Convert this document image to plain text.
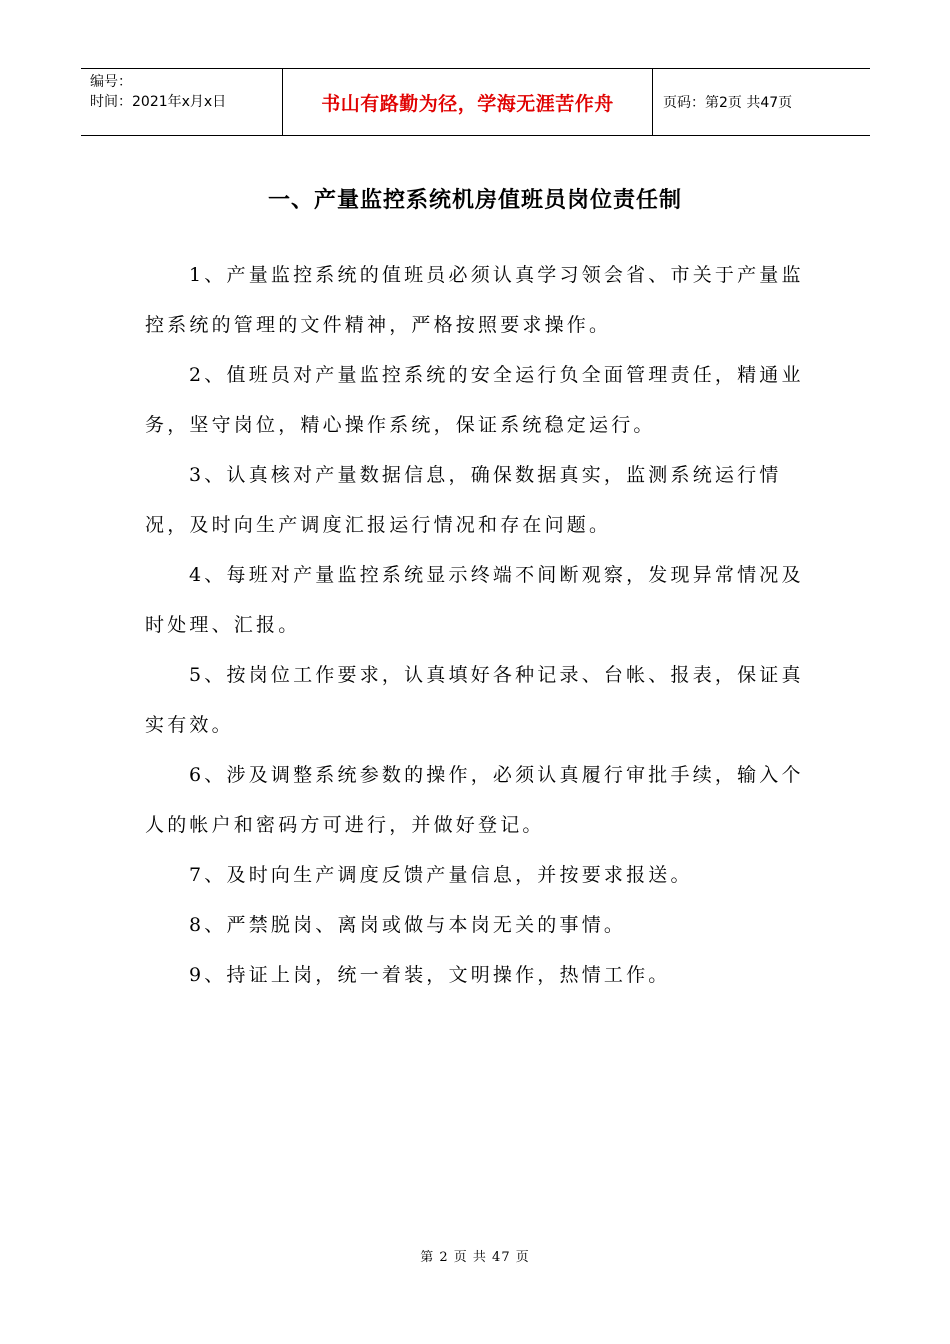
编号：
时间：2021年x月x日	书山有路勤为径，学海无涯苦作舟	页码：第2页 共47页
一、产量监控系统机房值班员岗位责任制

1、产量监控系统的值班员必须认真学习领会省、市关于产量监控系统的管理的文件精神，严格按照要求操作。

2、值班员对产量监控系统的安全运行负全面管理责任，精通业务，坚守岗位，精心操作系统，保证系统稳定运行。

3、认真核对产量数据信息，确保数据真实，监测系统运行情况，及时向生产调度汇报运行情况和存在问题。

4、每班对产量监控系统显示终端不间断观察，发现异常情况及时处理、汇报。

5、按岗位工作要求，认真填好各种记录、台帐、报表，保证真实有效。

6、涉及调整系统参数的操作，必须认真履行审批手续，输入个人的帐户和密码方可进行，并做好登记。

7、及时向生产调度反馈产量信息，并按要求报送。

8、严禁脱岗、离岗或做与本岗无关的事情。

9、持证上岗，统一着装，文明操作，热情工作。

第 2 页 共 47 页
